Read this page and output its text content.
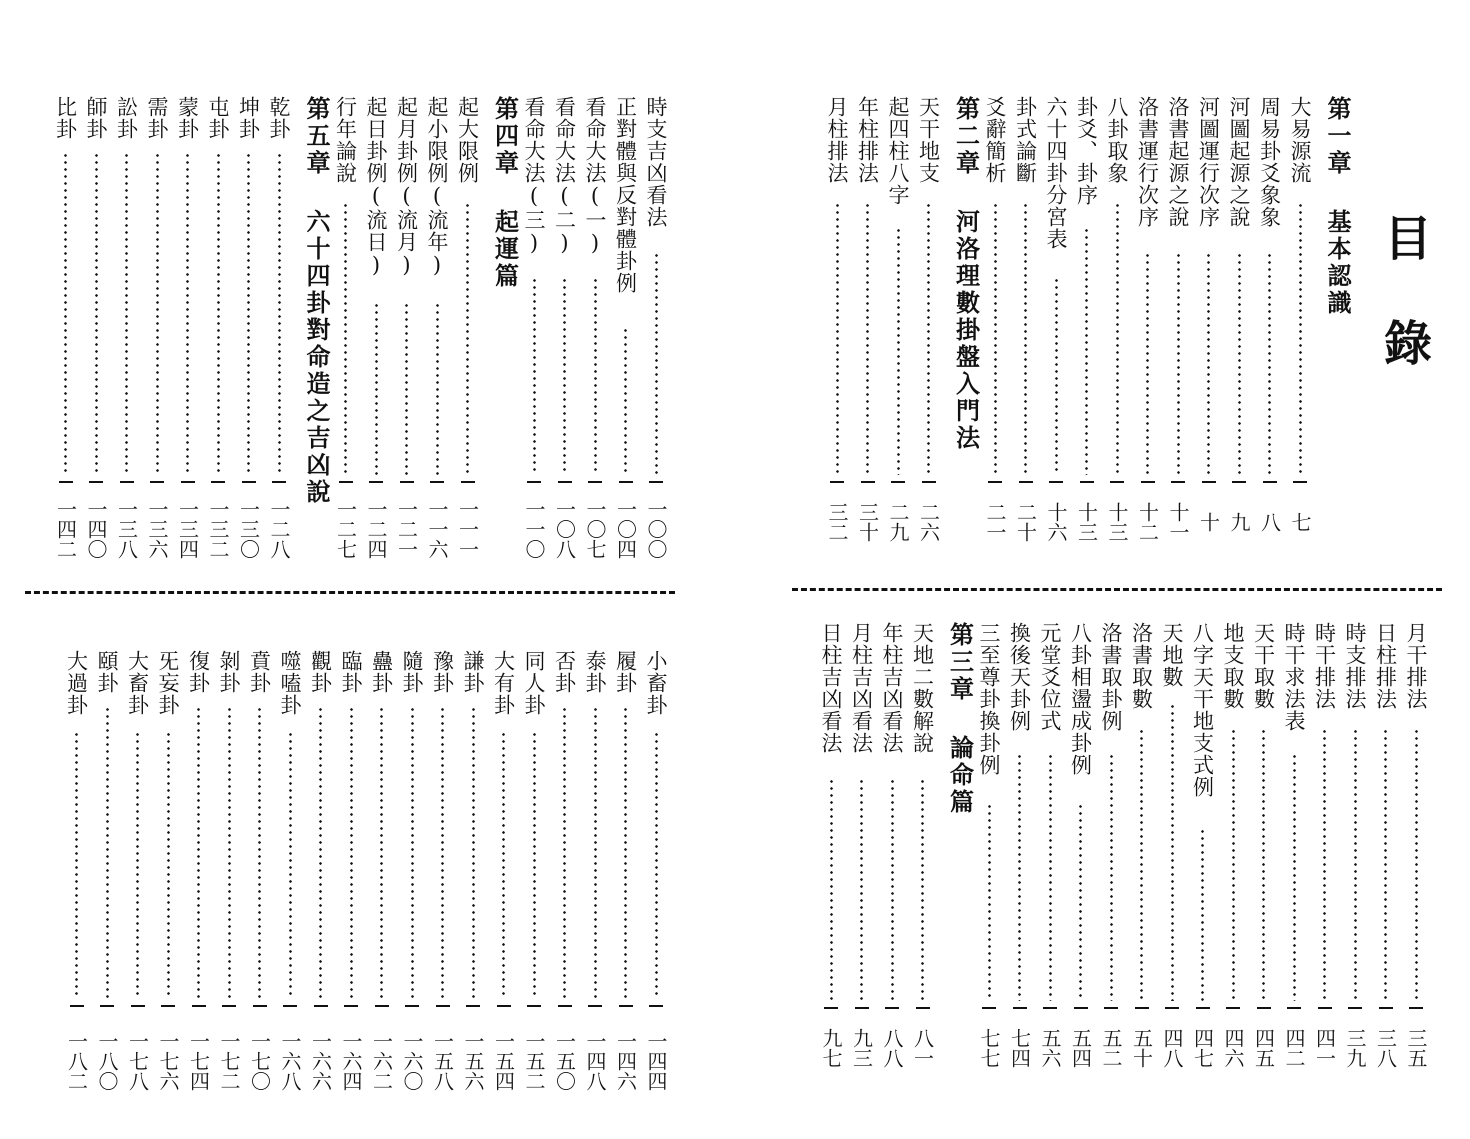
目
錄
第一章 基本認識
大易源流
七
周易卦爻象象
八
河圖起源之說
九
河圖運行次序
十
洛書起源之說
十一
洛書運行次序
十二
八卦取象
十三
卦爻、卦序
十三
六十四卦分宮表
十六
卦式論斷
二十
爻辭簡析
二一
第二章 河洛理數掛盤入門法
天干地支
二六
起四柱八字
二九
年柱排法
三十
月柱排法
三二
時支吉凶看法
一〇〇
正對體與反對體卦例
一〇四
看命大法(一)
一〇七
看命大法(二)
一〇八
看命大法(三)
一一〇
第四章 起運篇
起大限例
一一一
起小限例(流年)
一一六
起月卦例(流月)
一二一
起日卦例(流日)
一二四
行年論說
一二七
第五章 六十四卦對命造之吉凶說
乾卦
一二八
坤卦
一三〇
屯卦
一三二
蒙卦
一三四
需卦
一三六
訟卦
一三八
師卦
一四〇
比卦
一四二
月干排法
三五
日柱排法
三八
時支排法
三九
時干排法
四一
時干求法表
四二
天干取數
四五
地支取數
四六
八字天干地支式例
四七
天地數
四八
洛書取數
五十
洛書取卦例
五二
八卦相盪成卦例
五四
元堂爻位式
五六
換後天卦例
七四
三至尊卦換卦例
七七
第三章 論命篇
天地二數解說
八一
年柱吉凶看法
八八
月柱吉凶看法
九三
日柱吉凶看法
九七
小畜卦
一四四
履卦
一四六
泰卦
一四八
否卦
一五〇
同人卦
一五二
大有卦
一五四
謙卦
一五六
豫卦
一五八
隨卦
一六〇
蠱卦
一六二
臨卦
一六四
觀卦
一六六
噬嗑卦
一六八
賁卦
一七〇
剝卦
一七二
復卦
一七四
旡妄卦
一七六
大畜卦
一七八
頤卦
一八〇
大過卦
一八二
